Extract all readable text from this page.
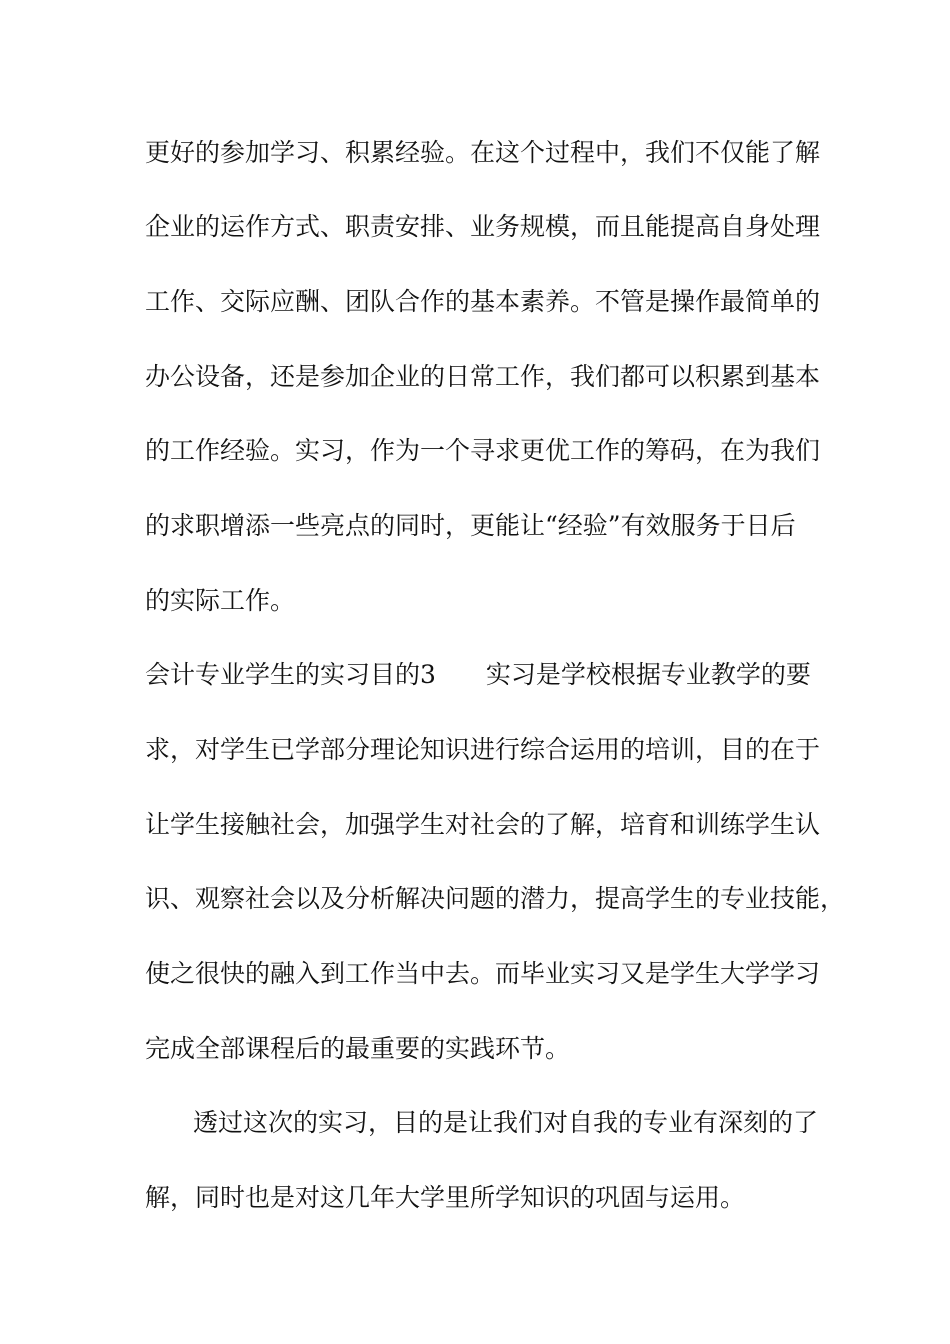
更好的参加学习、积累经验。在这个过程中，我们不仅能了解

企业的运作方式、职责安排、业务规模，而且能提高自身处理

工作、交际应酬、团队合作的基本素养。不管是操作最简单的

办公设备，还是参加企业的日常工作，我们都可以积累到基本

的工作经验。实习，作为一个寻求更优工作的筹码，在为我们

的求职增添一些亮点的同时，更能让“经验”有效服务于日后

的实际工作。

会计专业学生的实习目的3　　实习是学校根据专业教学的要

求，对学生已学部分理论知识进行综合运用的培训，目的在于

让学生接触社会，加强学生对社会的了解，培育和训练学生认

识、观察社会以及分析解决问题的潜力，提高学生的专业技能，

使之很快的融入到工作当中去。而毕业实习又是学生大学学习

完成全部课程后的最重要的实践环节。

透过这次的实习，目的是让我们对自我的专业有深刻的了

解，同时也是对这几年大学里所学知识的巩固与运用。
